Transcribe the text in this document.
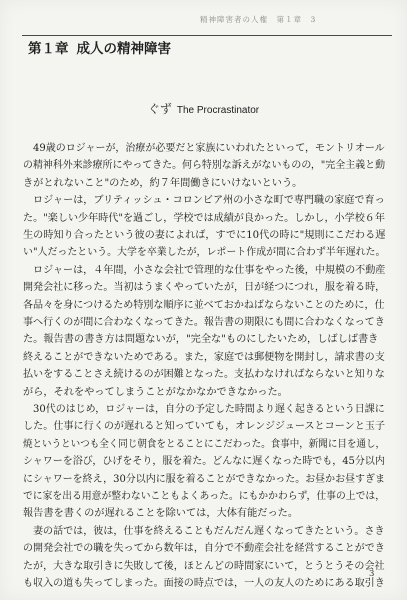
精神障害者の人権　第１章　3
第１章 成人の精神障害
ぐず The Procrastinator
49歳のロジャーが，治療が必要だと家族にいわれたといって，モントリオール
の精神科外来診療所にやってきた。何ら特別な訴えがないものの，"完全主義と動
きがとれないこと"のため，約７年間働きにいけないという。
ロジャーは，ブリティッシュ・コロンビア州の小さな町で専門職の家庭で育っ
た。"楽しい少年時代"を過ごし，学校では成績が良かった。しかし，小学校６年
生の時知り合ったという彼の妻によれば，すでに10代の時に"規則にこだわる遅
い"人だったという。大学を卒業したが，レポート作成が間に合わず半年遅れた。
ロジャーは，４年間，小さな会社で管理的な仕事をやった後，中規模の不動産
開発会社に移った。当初はうまくやっていたが，日が経つにつれ，服を着る時，
各品々を身につけるため特別な順序に並べておかねばならないことのために，仕
事へ行くのが間に合わなくなってきた。報告書の期限にも間に合わなくなってき
た。報告書の書き方は問題ないが，"完全な"ものにしたいため，しばしば書き
終えることができないためである。また，家庭では郵便物を開封し，請求書の支
払いをすることさえ続けるのが困難となった。支払わなければならないと知りな
がら，それをやってしまうことがなかなかできなかった。
30代のはじめ，ロジャーは，自分の予定した時間より遅く起きるという日課に
した。仕事に行くのが遅れると知っていても，オレンジジュースとコーンと玉子
焼というといつも全く同じ朝食をとることにこだわった。食事中，新聞に目を通し，
シャワーを浴び，ひげをそり，服を着た。どんなに遅くなった時でも，45分以内
にシャワーを終え，30分以内に服を着ることができなかった。お昼かお昼すぎま
でに家を出る用意が整わないこともよくあった。にもかかわらず，仕事の上では，
報告書を書くのが遅れることを除いては，大体有能だった。
妻の話では，彼は，仕事を終えることもだんだん遅くなってきたという。さき
の開発会社での職を失ってから数年は，自分で不動産会社を経営することができ
たが，大きな取引きに失敗して後，ほとんどの時間家にいて，とうとうその会社
も収入の道も失ってしまった。面接の時点では，一人の友人のためにある取引き
3
